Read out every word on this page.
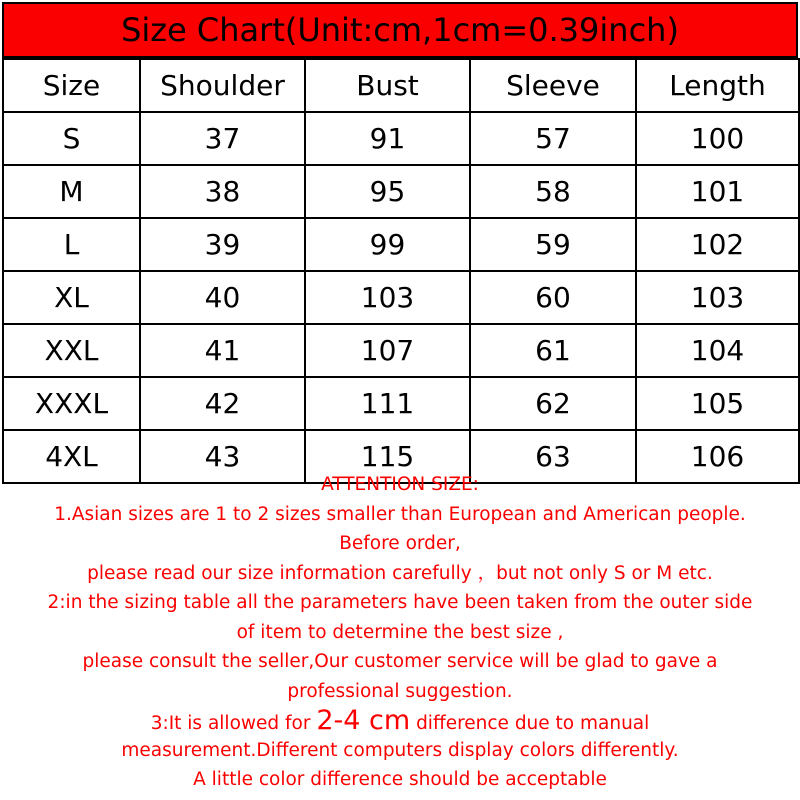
Size Chart(Unit:cm,1cm=0.39inch)
Size	Shoulder	Bust	Sleeve	Length
S	37	91	57	100
M	38	95	58	101
L	39	99	59	102
XL	40	103	60	103
XXL	41	107	61	104
XXXL	42	111	62	105
4XL	43	115	63	106
ATTENTION SIZE:
1.Asian sizes are 1 to 2 sizes smaller than European and American people.
Before order,
please read our size information carefully ，but not only S or M etc.
2:in the sizing table all the parameters have been taken from the outer side
of item to determine the best size ,
please consult the seller,Our customer service will be glad to gave a
professional suggestion.
3:It is allowed for 2-4 cm difference due to manual
measurement.Different computers display colors differently.
A little color difference should be acceptable
